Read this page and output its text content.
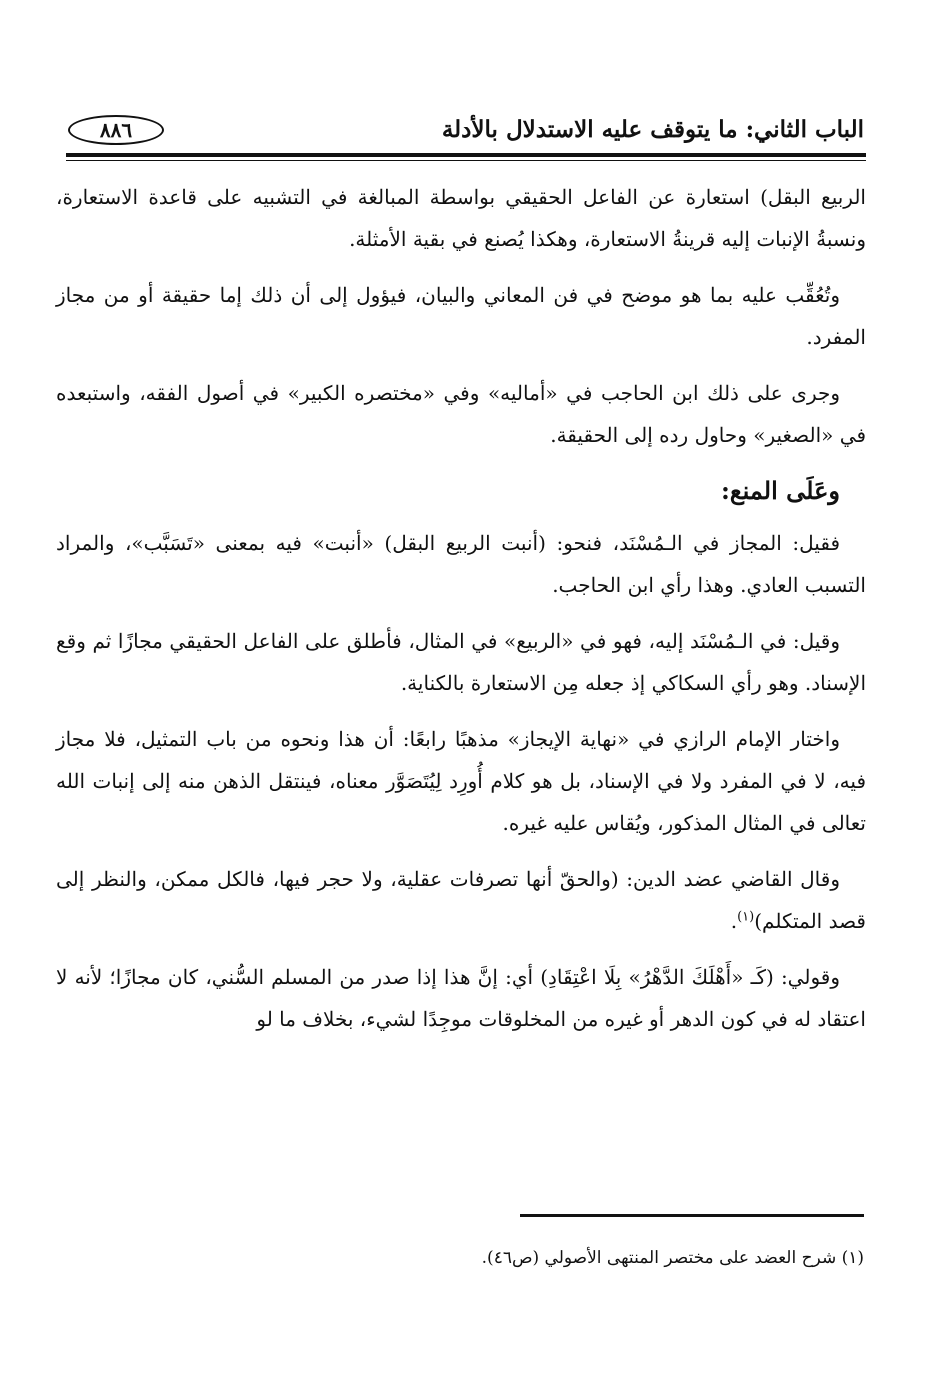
الباب الثاني: ما يتوقف عليه الاستدلال بالأدلة
٨٨٦

الربيع البقل) استعارة عن الفاعل الحقيقي بواسطة المبالغة في التشبيه على قاعدة الاستعارة، ونسبةُ الإنبات إليه قرينةُ الاستعارة، وهكذا يُصنع في بقية الأمثلة.

وتُعُقِّب عليه بما هو موضح في فن المعاني والبيان، فيؤول إلى أن ذلك إما حقيقة أو من مجاز المفرد.

وجرى على ذلك ابن الحاجب في «أماليه» وفي «مختصره الكبير» في أصول الفقه، واستبعده في «الصغير» وحاول رده إلى الحقيقة.

وعَلَى المنع:

فقيل: المجاز في الـمُسْنَد، فنحو: (أنبت الربيع البقل) «أنبت» فيه بمعنى «تَسَبَّب»، والمراد التسبب العادي. وهذا رأي ابن الحاجب.

وقيل: في الـمُسْنَد إليه، فهو في «الربيع» في المثال، فأطلق على الفاعل الحقيقي مجازًا ثم وقع الإسناد. وهو رأي السكاكي إذ جعله مِن الاستعارة بالكناية.

واختار الإمام الرازي في «نهاية الإيجاز» مذهبًا رابعًا: أن هذا ونحوه من باب التمثيل، فلا مجاز فيه، لا في المفرد ولا في الإسناد، بل هو كلام أُورِد لِيُتَصَوَّر معناه، فينتقل الذهن منه إلى إنبات الله تعالى في المثال المذكور، ويُقاس عليه غيره.

وقال القاضي عضد الدين: (والحقّ أنها تصرفات عقلية، ولا حجر فيها، فالكل ممكن، والنظر إلى قصد المتكلم)$^{(١)}$.

وقولي: (كَـ «أَهْلَكَ الدَّهْرُ» بِلَا اعْتِقَادِ) أي: إنَّ هذا إذا صدر من المسلم السُّني، كان مجازًا؛ لأنه لا اعتقاد له في كون الدهر أو غيره من المخلوقات موجِدًا لشيء، بخلاف ما لو

(١) شرح العضد على مختصر المنتهى الأصولي (ص٤٦).
